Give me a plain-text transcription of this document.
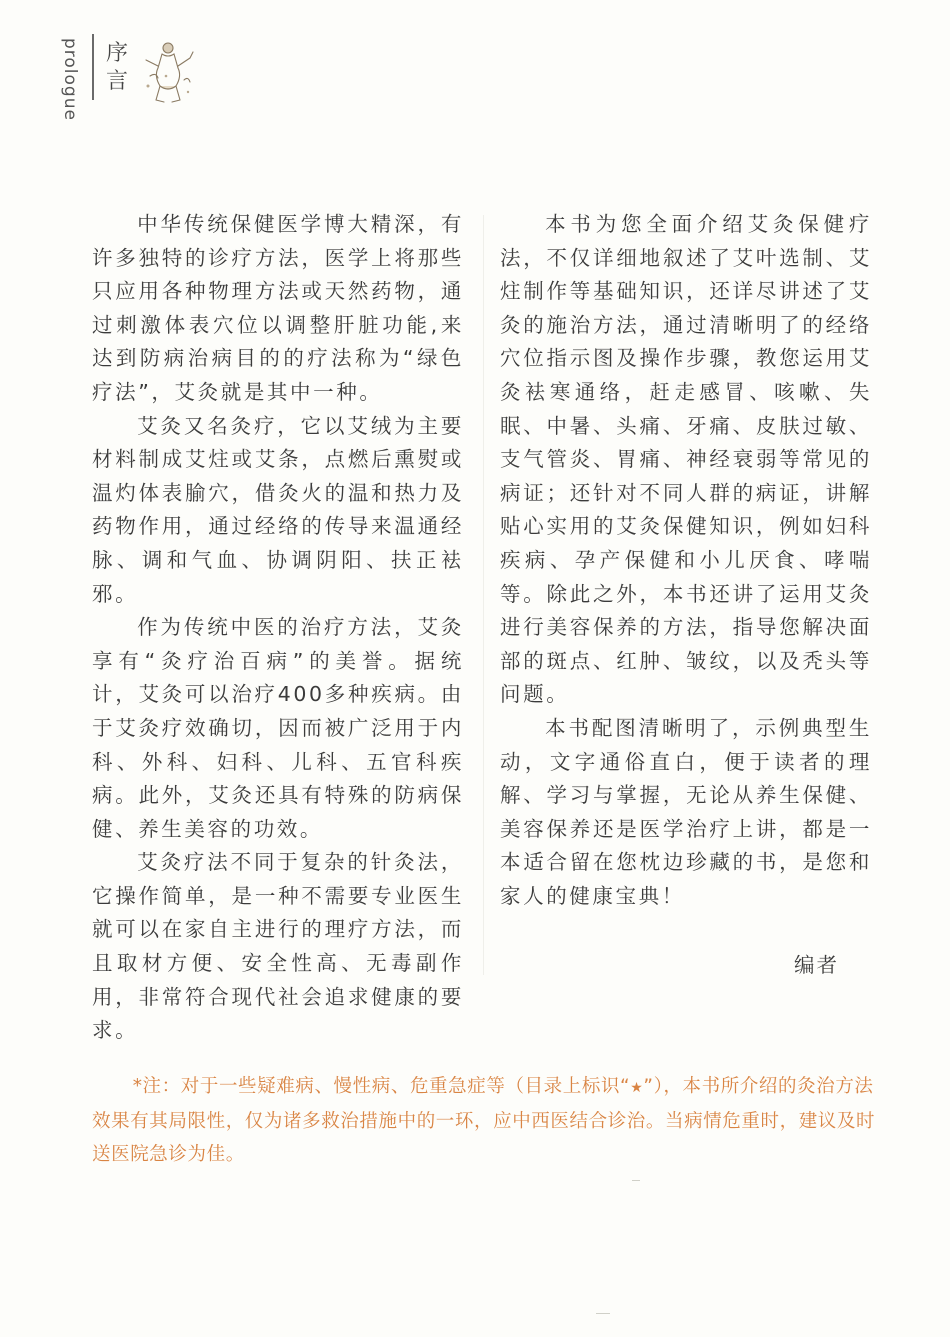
prologue 序
言

中华传统保健医学博大精深，有许多独特的诊疗方法，医学上将那些只应用各种物理方法或天然药物，通过刺激体表穴位以调整肝脏功能,来达到防病治病目的的疗法称为“绿色疗法”，艾灸就是其中一种。

艾灸又名灸疗，它以艾绒为主要材料制成艾炷或艾条，点燃后熏熨或温灼体表腧穴，借灸火的温和热力及药物作用，通过经络的传导来温通经脉、调和气血、协调阴阳、扶正袪邪。

作为传统中医的治疗方法，艾灸享有“灸疗治百病”的美誉。据统计，艾灸可以治疗400多种疾病。由于艾灸疗效确切，因而被广泛用于内科、外科、妇科、儿科、五官科疾病。此外，艾灸还具有特殊的防病保健、养生美容的功效。

艾灸疗法不同于复杂的针灸法，它操作简单，是一种不需要专业医生就可以在家自主进行的理疗方法，而且取材方便、安全性高、无毒副作用，非常符合现代社会追求健康的要求。

本书为您全面介绍艾灸保健疗法，不仅详细地叙述了艾叶选制、艾炷制作等基础知识，还详尽讲述了艾灸的施治方法，通过清晰明了的经络穴位指示图及操作步骤，教您运用艾灸袪寒通络，赶走感冒、咳嗽、失眠、中暑、头痛、牙痛、皮肤过敏、支气管炎、胃痛、神经衰弱等常见的病证；还针对不同人群的病证，讲解贴心实用的艾灸保健知识，例如妇科疾病、孕产保健和小儿厌食、哮喘等。除此之外，本书还讲了运用艾灸进行美容保养的方法，指导您解决面部的斑点、红肿、皱纹，以及秃头等问题。

本书配图清晰明了，示例典型生动，文字通俗直白，便于读者的理解、学习与掌握，无论从养生保健、美容保养还是医学治疗上讲，都是一本适合留在您枕边珍藏的书，是您和家人的健康宝典！

编者

*注：对于一些疑难病、慢性病、危重急症等（目录上标识“★”），本书所介绍的灸治方法效果有其局限性，仅为诸多救治措施中的一环，应中西医结合诊治。当病情危重时，建议及时送医院急诊为佳。
